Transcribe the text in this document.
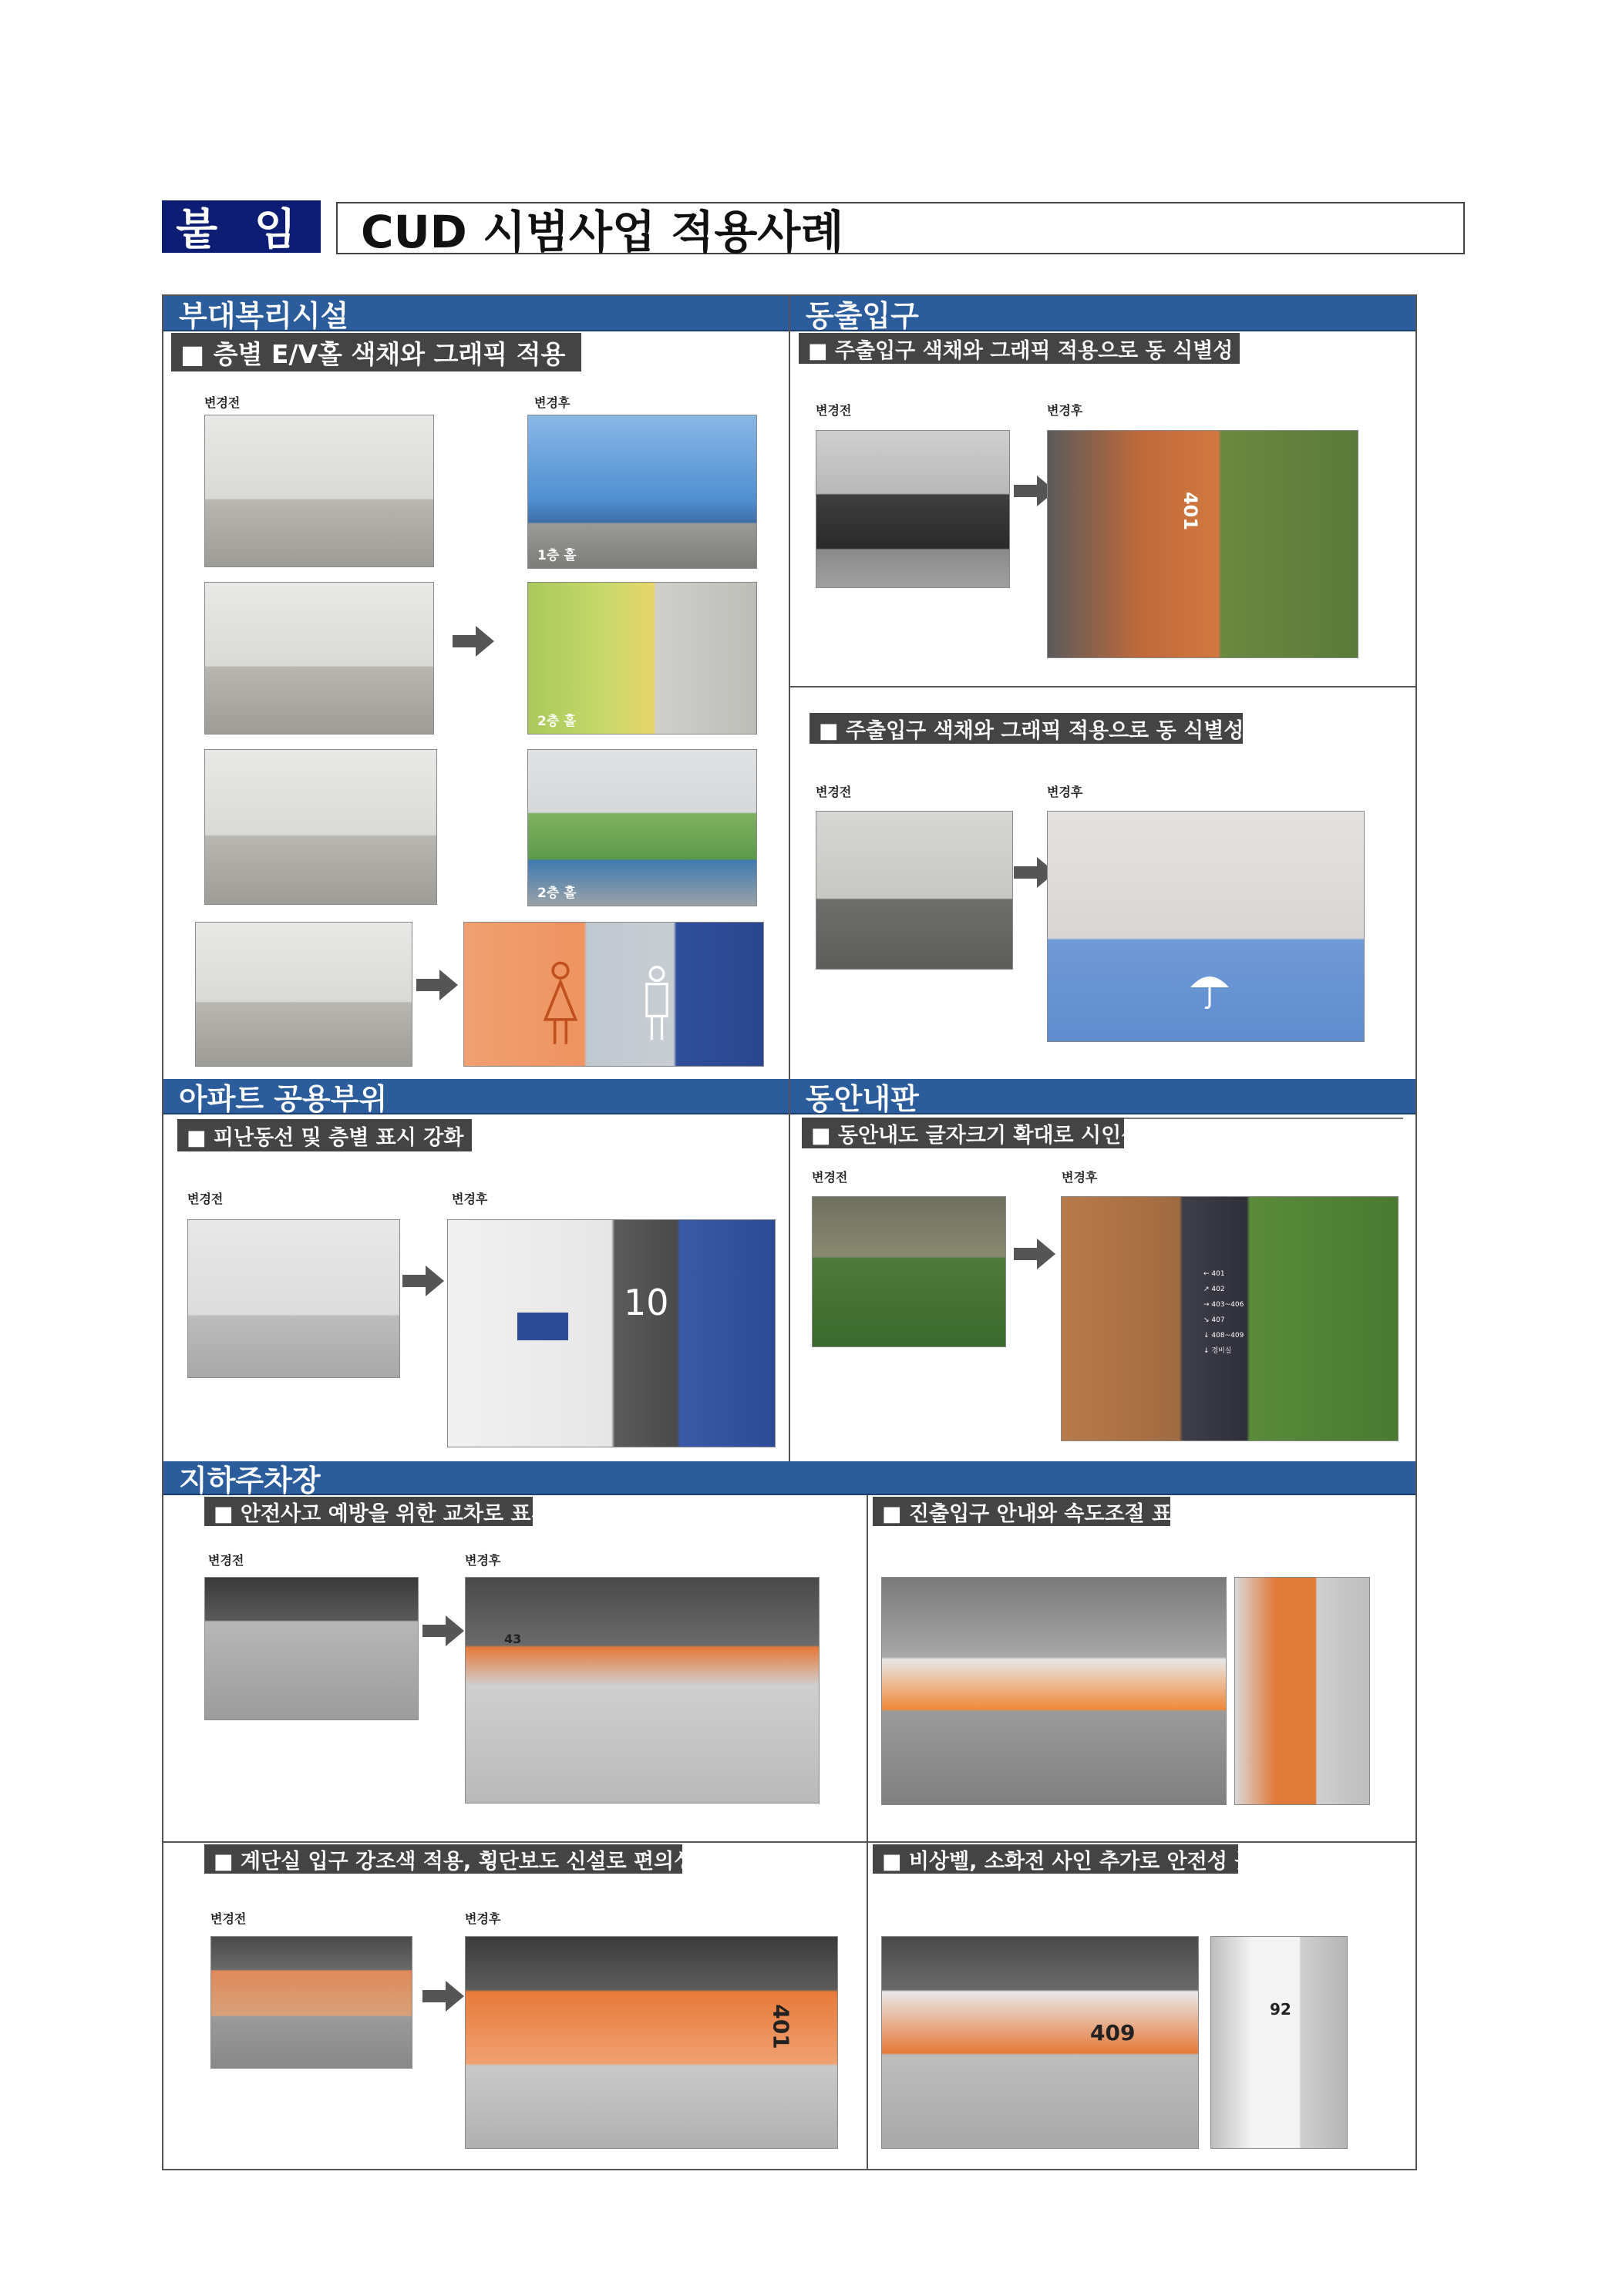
붙 임	CUD 시범사업 적용사례
부대복리시설
■ 층별 E/V홀 색채와 그래픽 적용
변경전	변경후
1층 홀
2층 홀
2층 홀
동출입구
■ 주출입구 색채와 그래픽 적용으로 동 식별성 높임
변경전	변경후
401
■ 주출입구 색채와 그래픽 적용으로 동 식별성 높임
변경전	변경후
아파트 공용부위
■ 피난동선 및 층별 표시 강화
변경전	변경후
10
동안내판
■ 동안내도 글자크기 확대로 시인성 높임
변경전	변경후
← 401
↗ 402
→ 403~406
↘ 407
↓ 408~409
↓ 경비실
지하주차장
■ 안전사고 예방을 위한 교차로 표시
변경전	변경후
43
■ 진출입구 안내와 속도조절 표시
■ 계단실 입구 강조색 적용, 횡단보도 신설로 편의성 높임
변경전	변경후
401
■ 비상벨, 소화전 사인 추가로 안전성 높임
409
92
